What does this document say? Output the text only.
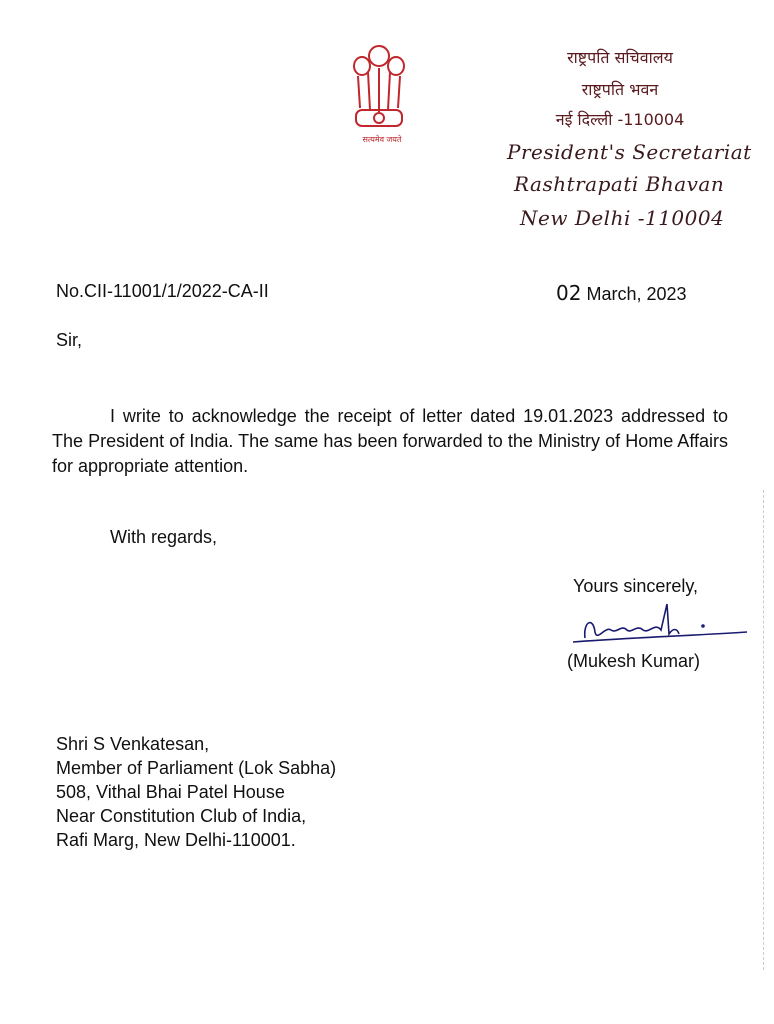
सत्यमेव जयते
राष्ट्रपति सचिवालय
राष्ट्रपति भवन
नई दिल्ली -110004
President's Secretariat
Rashtrapati Bhavan
New Delhi -110004
No.CII-11001/1/2022-CA-II	02 March, 2023
Sir,
I write to acknowledge the receipt of letter dated 19.01.2023 addressed to The President of India. The same has been forwarded to the Ministry of Home Affairs for appropriate attention.
With regards,
Yours sincerely,
(Mukesh Kumar)
Shri S Venkatesan,
Member of Parliament (Lok Sabha)
508, Vithal Bhai Patel House
Near Constitution Club of India,
Rafi Marg, New Delhi-110001.
